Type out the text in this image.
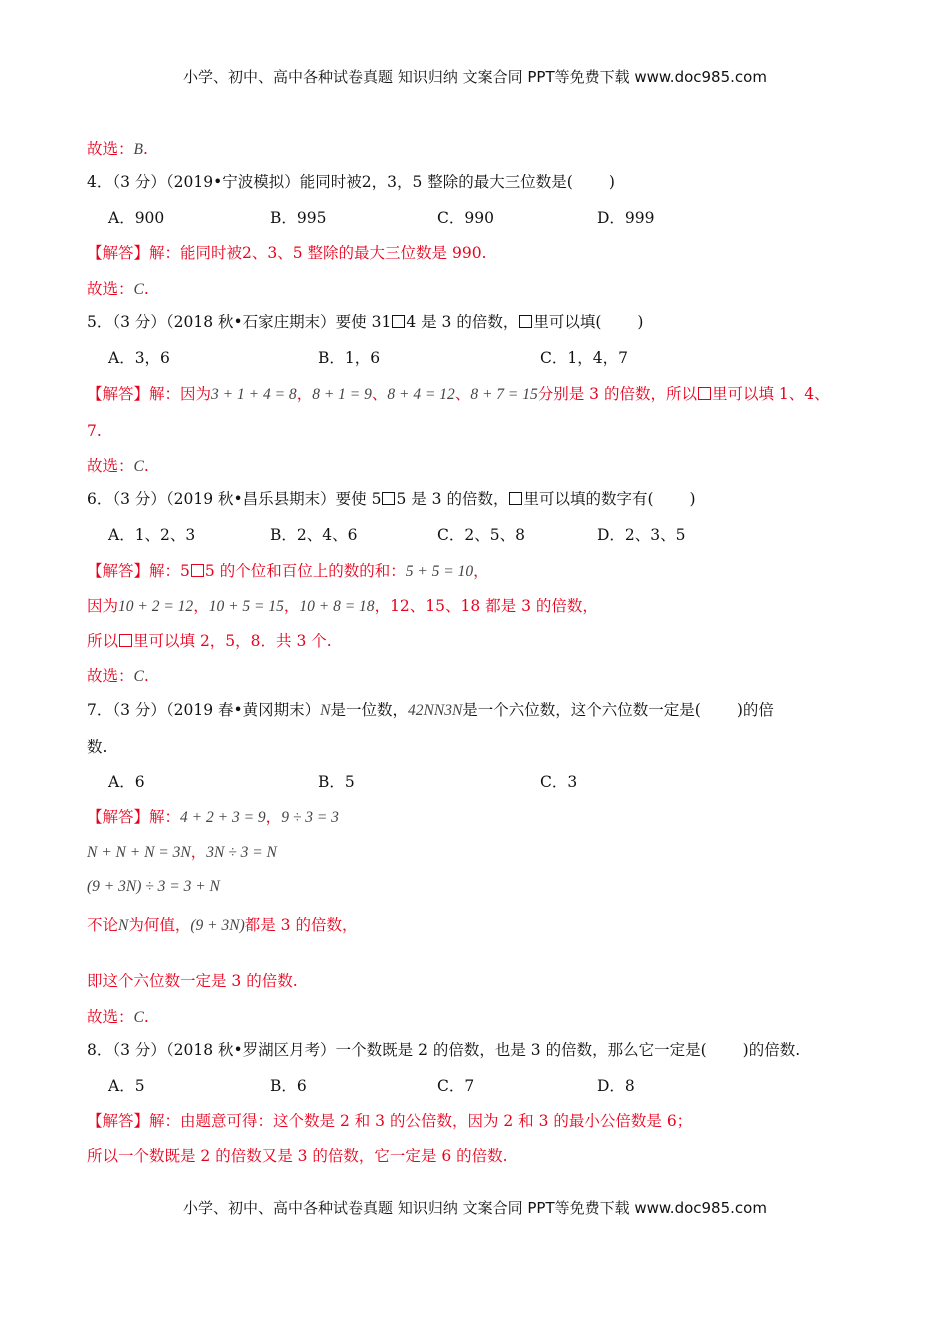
小学、初中、高中各种试卷真题 知识归纳 文案合同 PPT等免费下载 www.doc985.com
故选：B.
4．（3 分）（2019•宁波模拟）能同时被2，3，5 整除的最大三位数是( )
A．900	B．995	C．990	D．999
【解答】解：能同时被2、3、5 整除的最大三位数是 990.
故选：C.
5．（3 分）（2018 秋•石家庄期末）要使 31 4 是 3 的倍数， 里可以填( )
A．3，6	B．1，6	C．1，4，7
【解答】解：因为3 + 1 + 4 = 8，8 + 1 = 9、8 + 4 = 12、8 + 7 = 15分别是 3 的倍数，所以 里可以填 1、4、
7.
故选：C.
6．（3 分）（2019 秋•昌乐县期末）要使 5 5 是 3 的倍数， 里可以填的数字有( )
A．1、2、3	B．2、4、6	C．2、5、8	D．2、3、5
【解答】解：5 5 的个位和百位上的数的和：5 + 5 = 10，
因为10 + 2 = 12，10 + 5 = 15，10 + 8 = 18，12、15、18 都是 3 的倍数，
所以 里可以填 2，5，8．共 3 个.
故选：C.
7．（3 分）（2019 春•黄冈期末）N是一位数，42NN3N是一个六位数，这个六位数一定是( )的倍
数.
A．6	B．5	C．3
【解答】解：4 + 2 + 3 = 9，9 ÷ 3 = 3
N + N + N = 3N，3N ÷ 3 = N
(9 + 3N) ÷ 3 = 3 + N
不论N为何值，(9 + 3N)都是 3 的倍数，
即这个六位数一定是 3 的倍数.
故选：C.
8．（3 分）（2018 秋•罗湖区月考）一个数既是 2 的倍数，也是 3 的倍数，那么它一定是( )的倍数.
A．5	B．6	C．7	D．8
【解答】解：由题意可得：这个数是 2 和 3 的公倍数，因为 2 和 3 的最小公倍数是 6；
所以一个数既是 2 的倍数又是 3 的倍数，它一定是 6 的倍数.
小学、初中、高中各种试卷真题 知识归纳 文案合同 PPT等免费下载 www.doc985.com
